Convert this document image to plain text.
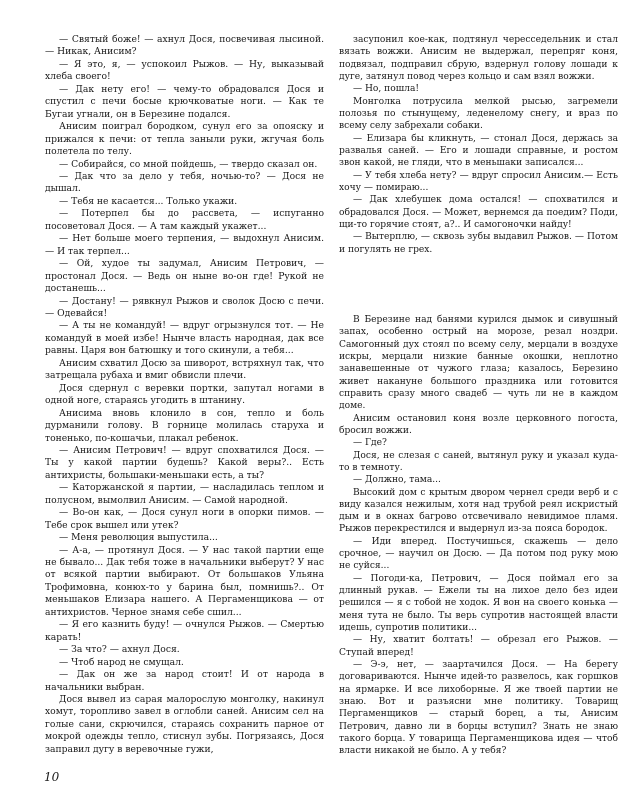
— Святый боже! — ахнул Дося, посвечивая лысиной. — Никак, Анисим?

— Я это, я, — успокоил Рыжов. — Ну, выказывай хлеба своего!

— Дак нету его! — чему-то обрадовался Дося и спустил с печи босые крючковатые ноги. — Как те Бугаи угнали, он в Березине подался.

Анисим поиграл бородком, сунул его за опояску и прижался к печи: от тепла заныли руки, жгучая боль полетела по телу.

— Собирайся, со мной пойдешь, — твердо сказал он.

— Дак что за дело у тебя, ночью-то? — Дося не дышал.

— Тебя не касается... Только укажи.

— Потерпел бы до рассвета, — испуганно посоветовал Дося. — А там каждый укажет...

— Нет больше моего терпения, — выдохнул Анисим. — И так терпел...

— Ой, худое ты задумал, Анисим Петрович, — простонал Дося. — Ведь он ныне во-он где! Рукой не достанешь...

— Достану! — рявкнул Рыжов и сволок Досю с печи. — Одевайся!

— А ты не командуй! — вдруг огрызнулся тот. — Не командуй в моей избе! Нынче власть народная, дак все равны. Царя вон батюшку и того скинули, а тебя...

Анисим схватил Досю за шиворот, встряхнул так, что затрещала рубаха и вмиг обвисли плечи.

Дося сдернул с веревки портки, запутал ногами в одной ноге, стараясь угодить в штанину.

Анисима вновь клонило в сон, тепло и боль дурманили голову. В горнице молилась старуха и тоненько, по-кошачьи, плакал ребенок.

— Анисим Петрович! — вдруг спохватился Дося. — Ты у какой партии будешь? Какой веры?.. Есть антихристы, большаки-меньшаки есть, а ты?

— Каторжанской я партии, — насладилась теплом и полусном, вымолвил Анисим. — Самой народной.

— Во-он как, — Дося сунул ноги в опорки пимов. — Тебе срок вышел или утек?

— Меня революция выпустила...

— А-а, — протянул Дося. — У нас такой партии еще не бывало... Дак тебя тоже в начальники выберут? У нас от всякой партии выбирают. От большаков Ульяна Трофимовна, конюх-то у барина был, помнишь?.. От меньшаков Елизара нашего. А Пергаменщикова — от антихристов. Черное знамя себе сшил...

— Я его казнить буду! — очнулся Рыжов. — Смертью карать!

— За что? — ахнул Дося.

— Чтоб народ не смущал.

— Дак он же за народ стоит! И от народа в начальники выбран.

Дося вывел из сарая малорослую монголку, накинул хомут, торопливо завел в оглобли саней. Анисим сел на голые сани, скрючился, стараясь сохранить парное от мокрой одежды тепло, стиснул зубы. Погрязаясь, Дося заправил дугу в веревочные гужи,

засупонил кое-как, подтянул чересседельник и стал вязать вожжи. Анисим не выдержал, перепряг коня, подвязал, подправил сбрую, вздернул голову лошади к дуге, затянул повод через кольцо и сам взял вожжи.

— Но, пошла!

Монголка потрусила мелкой рысью, загремели полозья по стынущему, леденелому снегу, и враз по всему селу забрехали собаки.

— Елизара бы кликнуть, — стонал Дося, держась за развалья саней. — Его и лошади справные, и ростом звон какой, не гляди, что в меньшаки записался...

— У тебя хлеба нету? — вдруг спросил Анисим.— Есть хочу — помираю...

— Дак хлебушек дома остался! — спохватился и обрадовался Дося. — Может, вернемся да поедим? Поди, щи-то горячие стоят, а?.. И самогоночки найду!

— Вытерплю, — сквозь зубы выдавил Рыжов. — Потом и погулять не грех.

В Березине над банями курился дымок и сивушный запах, особенно острый на морозе, резал ноздри. Самогонный дух стоял по всему селу, мерцали в воздухе искры, мерцали низкие банные окошки, неплотно занавешенные от чужого глаза; казалось, Березино живет накануне большого праздника или готовится справить сразу много свадеб — чуть ли не в каждом доме.

Анисим остановил коня возле церковного погоста, бросил вожжи.

— Где?

Дося, не слезая с саней, вытянул руку и указал куда-то в темноту.

— Должно, тама...

Высокий дом с крытым двором чернел среди верб и с виду казался нежилым, хотя над трубой реял искристый дым и в окнах багрово отсвечивало невидимое пламя. Рыжов перекрестился и выдернул из-за пояса бородок.

— Иди вперед. Постучишься, скажешь — дело срочное, — научил он Досю. — Да потом под руку мою не суйся...

— Погоди-ка, Петрович, — Дося поймал его за длинный рукав. — Ежели ты на лихое дело без идеи решился — я с тобой не ходок. Я вон на своего конька — меня тута не было. Ты верь супротив настоящей власти идешь, супротив политики...

— Ну, хватит болтать! — обрезал его Рыжов. — Ступай вперед!

— Э-э, нет, — заартачился Дося. — На берегу договариваются. Нынче идей-то развелось, как горшков на ярмарке. И все лихоборные. Я же твоей партии не знаю. Вот и разъясни мне политику. Товарищ Пергаменщиков — старый борец, а ты, Анисим Петрович, давно ли в борцы вступил? Знать не знаю такого борца. У товарища Пергаменщикова идея — чтоб власти никакой не было. А у тебя?

10
